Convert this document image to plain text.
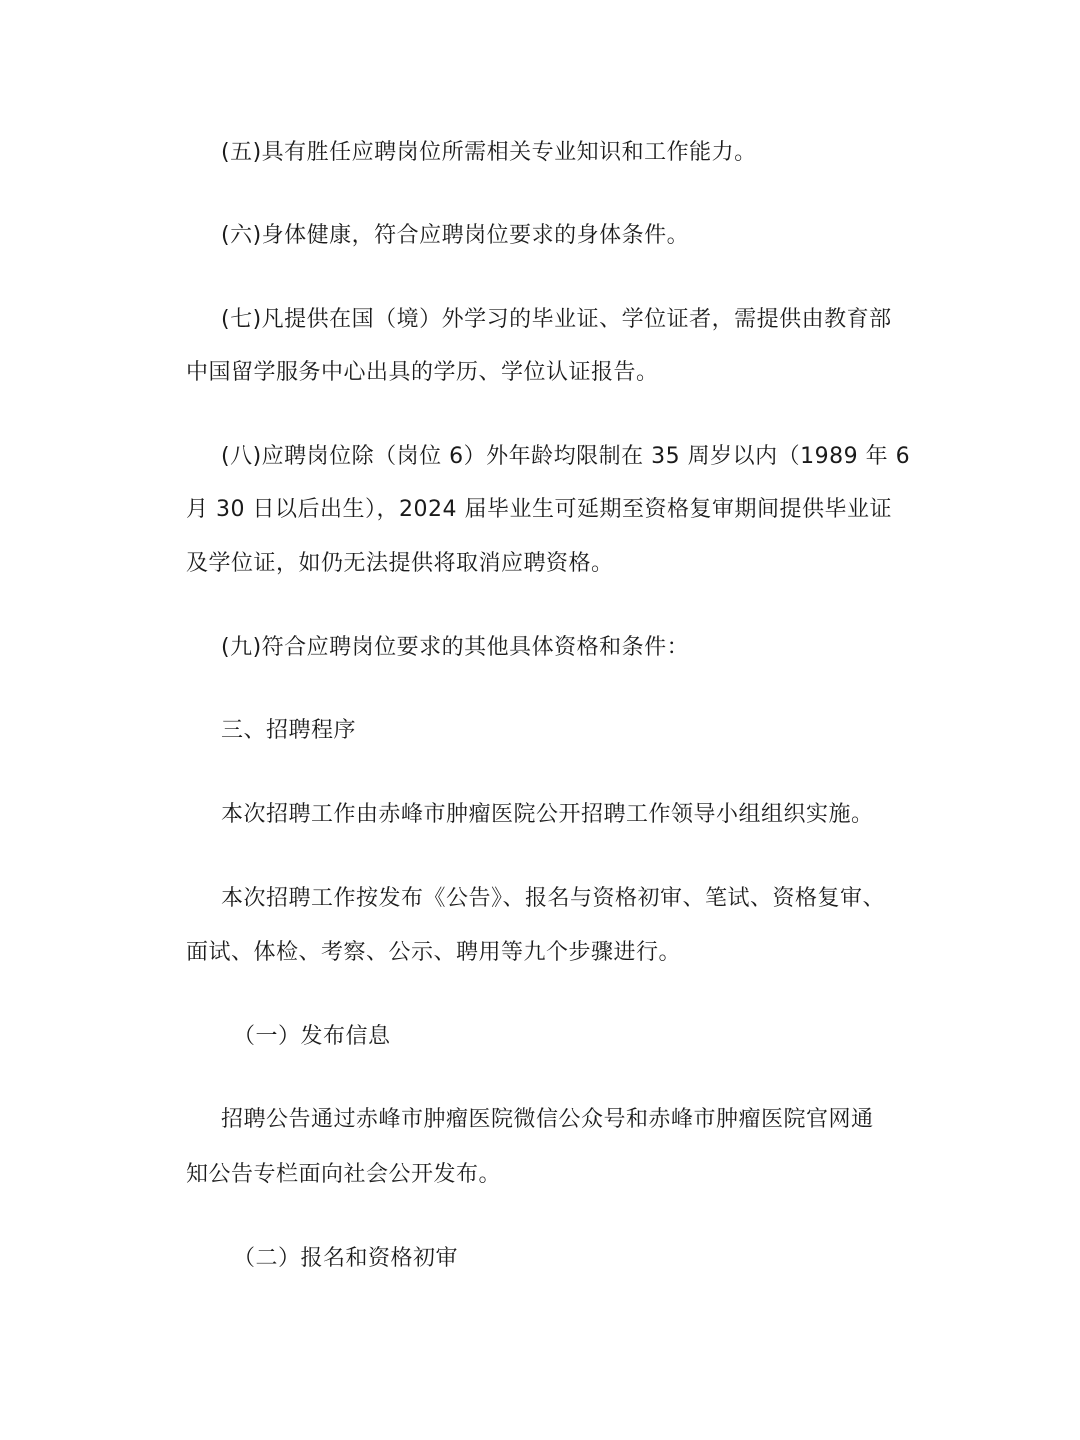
(五)具有胜任应聘岗位所需相关专业知识和工作能力。
(六)身体健康，符合应聘岗位要求的身体条件。
(七)凡提供在国（境）外学习的毕业证、学位证者，需提供由教育部
中国留学服务中心出具的学历、学位认证报告。
(八)应聘岗位除（岗位 6）外年龄均限制在 35 周岁以内（1989 年 6
月 30 日以后出生），2024 届毕业生可延期至资格复审期间提供毕业证
及学位证，如仍无法提供将取消应聘资格。
(九)符合应聘岗位要求的其他具体资格和条件：
三、招聘程序
本次招聘工作由赤峰市肿瘤医院公开招聘工作领导小组组织实施。
本次招聘工作按发布《公告》、报名与资格初审、笔试、资格复审、
面试、体检、考察、公示、聘用等九个步骤进行。
（一）发布信息
招聘公告通过赤峰市肿瘤医院微信公众号和赤峰市肿瘤医院官网通
知公告专栏面向社会公开发布。
（二）报名和资格初审
